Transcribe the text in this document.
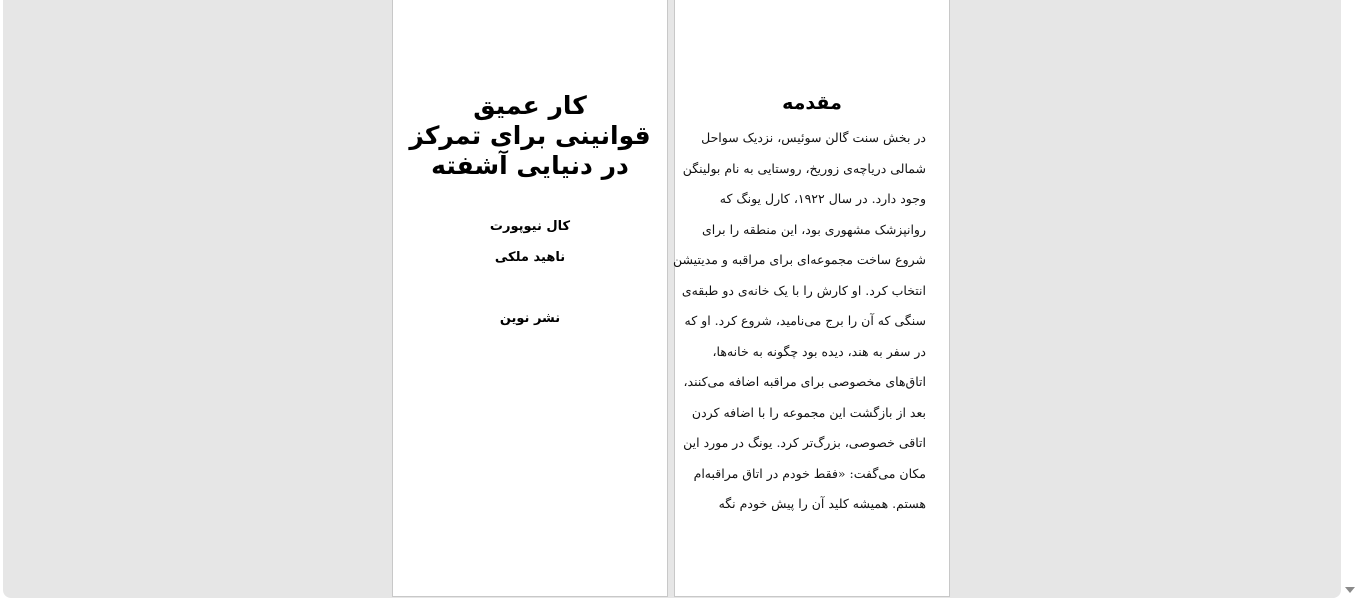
کار عمیق
قوانینی برای تمرکز
در دنیایی آشفته
کال نیوپورت
ناهید ملکی
نشر نوین
مقدمه
در بخش سنت گالن سوئیس، نزدیک سواحل
شمالی دریاچه‌ی زوریخ، روستایی به نام بولینگن
وجود دارد. در سال ۱۹۲۲، کارل یونگ که
روانپزشک مشهوری بود، این منطقه را برای
شروع ساخت مجموعه‌ای برای مراقبه و مدیتیشن
انتخاب کرد. او کارش را با یک خانه‌ی دو طبقه‌ی
سنگی که آن را برج می‌نامید، شروع کرد. او که
در سفر به هند، دیده بود چگونه به خانه‌ها،
اتاق‌های مخصوصی برای مراقبه اضافه می‌کنند،
بعد از بازگشت این مجموعه را با اضافه کردن
اتاقی خصوصی، بزرگ‌تر کرد. یونگ در مورد این
مکان می‌گفت: «فقط خودم در اتاق مراقبه‌ام
هستم. همیشه کلید آن را پیش خودم نگه
